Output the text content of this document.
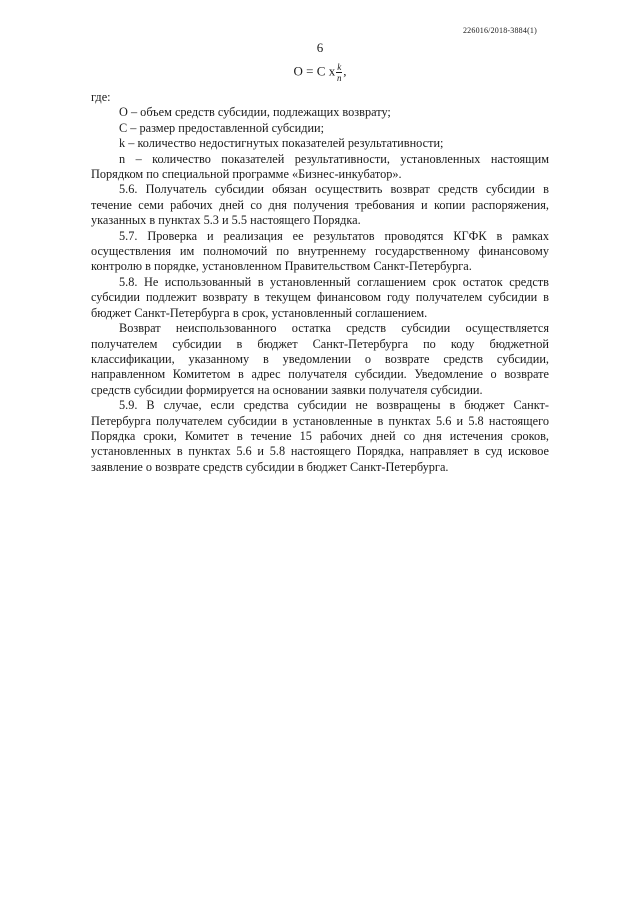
226016/2018-3884(1)
6
O = C x $\frac{k}{n}$ ,

где:

O – объем средств субсидии, подлежащих возврату;

C – размер предоставленной субсидии;

k – количество недостигнутых показателей результативности;

n – количество показателей результативности, установленных настоящим Порядком по специальной программе «Бизнес-инкубатор».

5.6. Получатель субсидии обязан осуществить возврат средств субсидии в течение семи рабочих дней со дня получения требования и копии распоряжения, указанных в пунктах 5.3 и 5.5 настоящего Порядка.

5.7. Проверка и реализация ее результатов проводятся КГФК в рамках осуществления им полномочий по внутреннему государственному финансовому контролю в порядке, установленном Правительством Санкт-Петербурга.

5.8. Не использованный в установленный соглашением срок остаток средств субсидии подлежит возврату в текущем финансовом году получателем субсидии в бюджет Санкт-Петербурга в срок, установленный соглашением.

Возврат неиспользованного остатка средств субсидии осуществляется получателем субсидии в бюджет Санкт-Петербурга по коду бюджетной классификации, указанному в уведомлении о возврате средств субсидии, направленном Комитетом в адрес получателя субсидии. Уведомление о возврате средств субсидии формируется на основании заявки получателя субсидии.

5.9. В случае, если средства субсидии не возвращены в бюджет Санкт-Петербурга получателем субсидии в установленные в пунктах 5.6 и 5.8 настоящего Порядка сроки, Комитет в течение 15 рабочих дней со дня истечения сроков, установленных в пунктах 5.6 и 5.8 настоящего Порядка, направляет в суд исковое заявление о возврате средств субсидии в бюджет Санкт-Петербурга.
